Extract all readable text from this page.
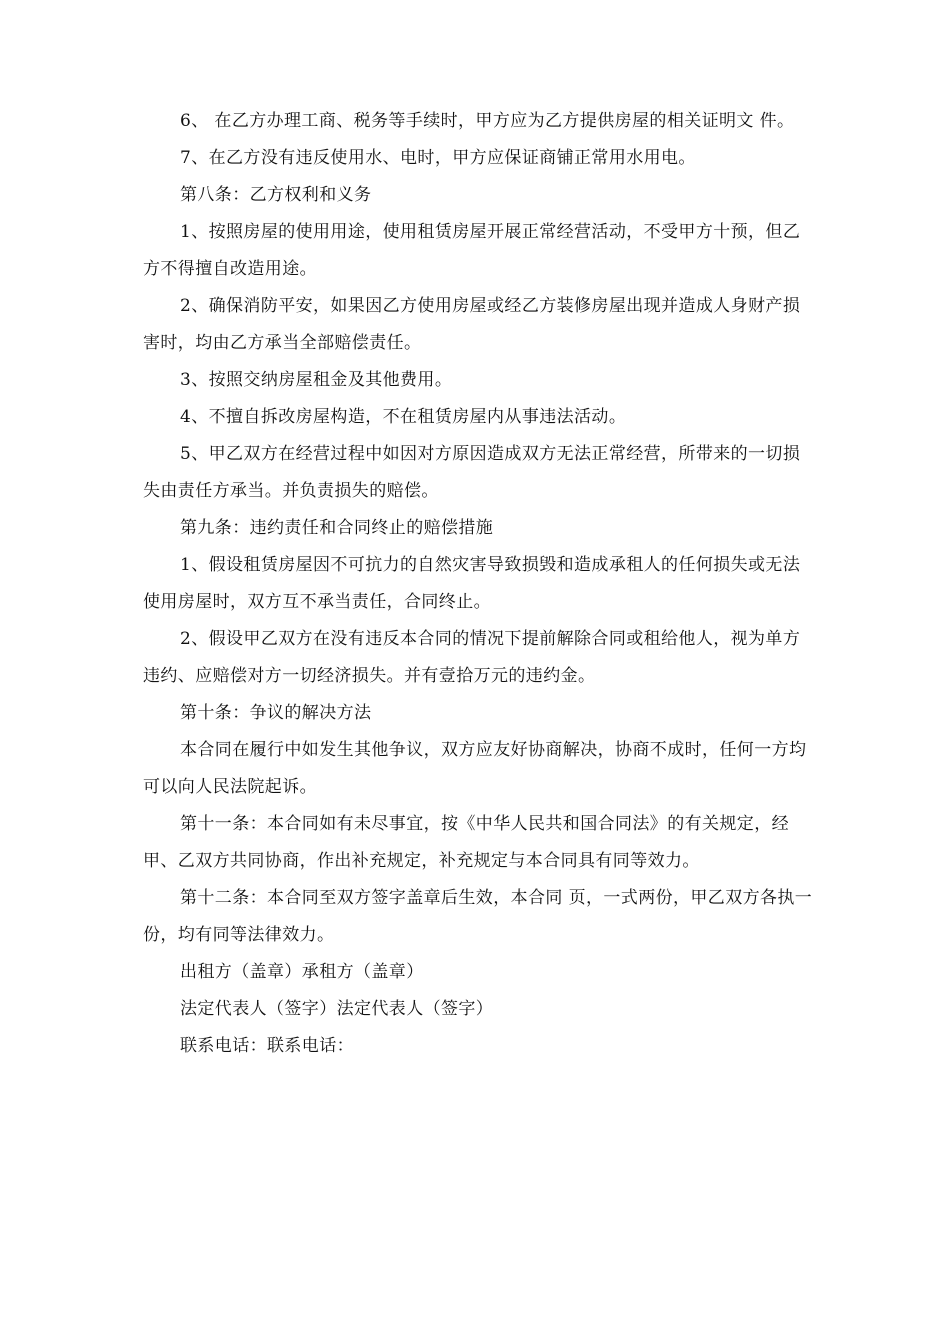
6、 在乙方办理工商、税务等手续时，甲方应为乙方提供房屋的相关证明文 件。

7、在乙方没有违反使用水、电时，甲方应保证商铺正常用水用电。

第八条：乙方权利和义务

1、按照房屋的使用用途，使用租赁房屋开展正常经营活动，不受甲方十预，但乙方不得擅自改造用途。

2、确保消防平安，如果因乙方使用房屋或经乙方装修房屋出现并造成人身财产损害时，均由乙方承当全部赔偿责任。

3、按照交纳房屋租金及其他费用。

4、不擅自拆改房屋构造，不在租赁房屋内从事违法活动。

5、甲乙双方在经营过程中如因对方原因造成双方无法正常经营，所带来的一切损失由责任方承当。并负责损失的赔偿。

第九条：违约责任和合同终止的赔偿措施

1、假设租赁房屋因不可抗力的自然灾害导致损毁和造成承租人的任何损失或无法使用房屋时，双方互不承当责任，合同终止。

2、假设甲乙双方在没有违反本合同的情况下提前解除合同或租给他人，视为单方违约、应赔偿对方一切经济损失。并有壹拾万元的违约金。

第十条：争议的解决方法

本合同在履行中如发生其他争议，双方应友好协商解决，协商不成时，任何一方均可以向人民法院起诉。

第十一条：本合同如有未尽事宜，按《中华人民共和国合同法》的有关规定，经甲、乙双方共同协商，作出补充规定，补充规定与本合同具有同等效力。

第十二条：本合同至双方签字盖章后生效，本合同 页，一式两份，甲乙双方各执一份，均有同等法律效力。

出租方（盖章）承租方（盖章）

法定代表人（签字）法定代表人（签字）

联系电话：联系电话：
